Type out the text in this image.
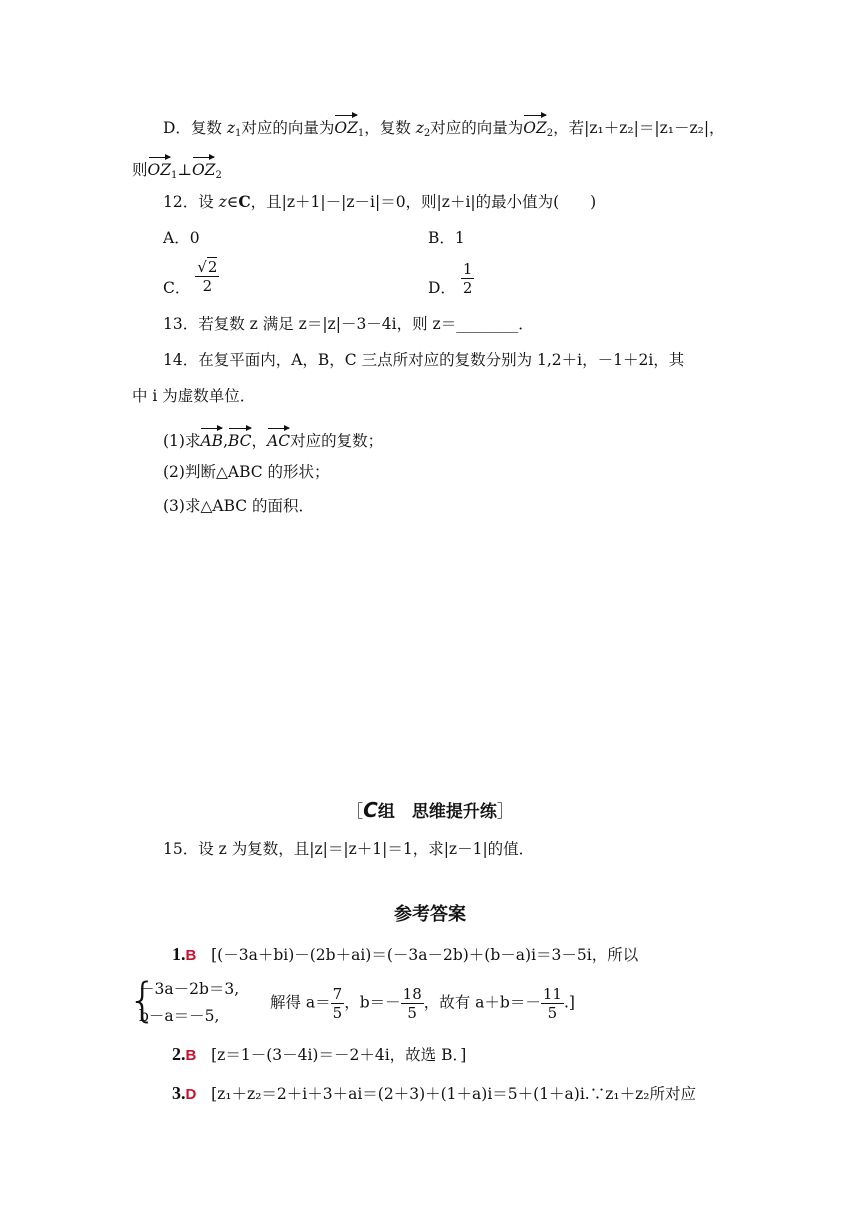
D．复数 $z_1$对应的向量为$OZ_1$，复数 $z_2$对应的向量为$OZ_2$，若|z₁＋z₂|＝|z₁－z₂|，
则$OZ_1\perp OZ_2$
12．设 z∈C，且|z＋1|－|z－i|＝0，则|z＋i|的最小值为(　　)
A．0	B．1
C． $\frac{√2}{2}$	D． $\frac{1}{2}$
13．若复数 z 满足 z＝|z|－3－4i，则 z＝________．
14．在复平面内，A，B，C 三点所对应的复数分别为 1,2＋i，－1＋2i，其
中 i 为虚数单位．
(1)求AB,BC，AC对应的复数；
(2)判断△ABC 的形状；
(3)求△ABC 的面积．
［C组　思维提升练］
15．设 z 为复数，且|z|＝|z＋1|＝1，求|z－1|的值．
参考答案
1.B [(－3a＋bi)－(2b＋ai)＝(－3a－2b)＋(b－a)i＝3－5i，所以
{
－3a－2b＝3,
b－a＝－5,
解得 $a= \frac{7}{5}$ ，$b=- \frac{18}{5}$ ，故有 $a+b=- \frac{11}{5}$ .]
2.B [z＝1－(3－4i)＝－2＋4i，故选 B．]
3.D [z₁＋z₂＝2＋i＋3＋ai＝(2＋3)＋(1＋a)i＝5＋(1＋a)i.∵z₁＋z₂所对应
